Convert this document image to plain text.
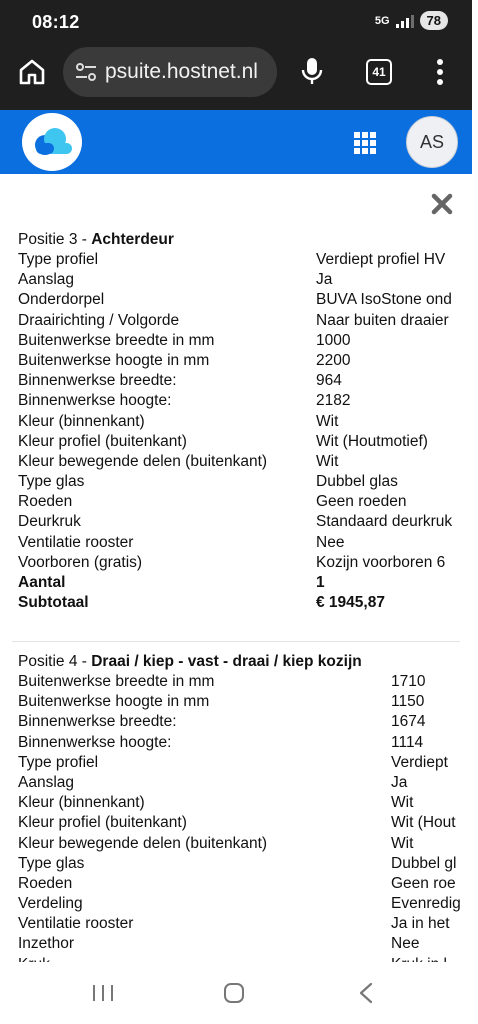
08:12	5G	78
psuite.hostnet.nl	41
AS
Positie 3 - Achterdeur
Type profiel	Verdiept profiel HV
Aanslag	Ja
Onderdorpel	BUVA IsoStone ond
Draairichting / Volgorde	Naar buiten draaier
Buitenwerkse breedte in mm	1000
Buitenwerkse hoogte in mm	2200
Binnenwerkse breedte:	964
Binnenwerkse hoogte:	2182
Kleur (binnenkant)	Wit
Kleur profiel (buitenkant)	Wit (Houtmotief)
Kleur bewegende delen (buitenkant)	Wit
Type glas	Dubbel glas
Roeden	Geen roeden
Deurkruk	Standaard deurkruk
Ventilatie rooster	Nee
Voorboren (gratis)	Kozijn voorboren 6
Aantal	1
Subtotaal	€ 1945,87
Positie 4 - Draai / kiep - vast - draai / kiep kozijn
Buitenwerkse breedte in mm	1710
Buitenwerkse hoogte in mm	1150
Binnenwerkse breedte:	1674
Binnenwerkse hoogte:	1114
Type profiel	Verdiept
Aanslag	Ja
Kleur (binnenkant)	Wit
Kleur profiel (buitenkant)	Wit (Hout
Kleur bewegende delen (buitenkant)	Wit
Type glas	Dubbel gl
Roeden	Geen roe
Verdeling	Evenredig
Ventilatie rooster	Ja in het
Inzethor	Nee
